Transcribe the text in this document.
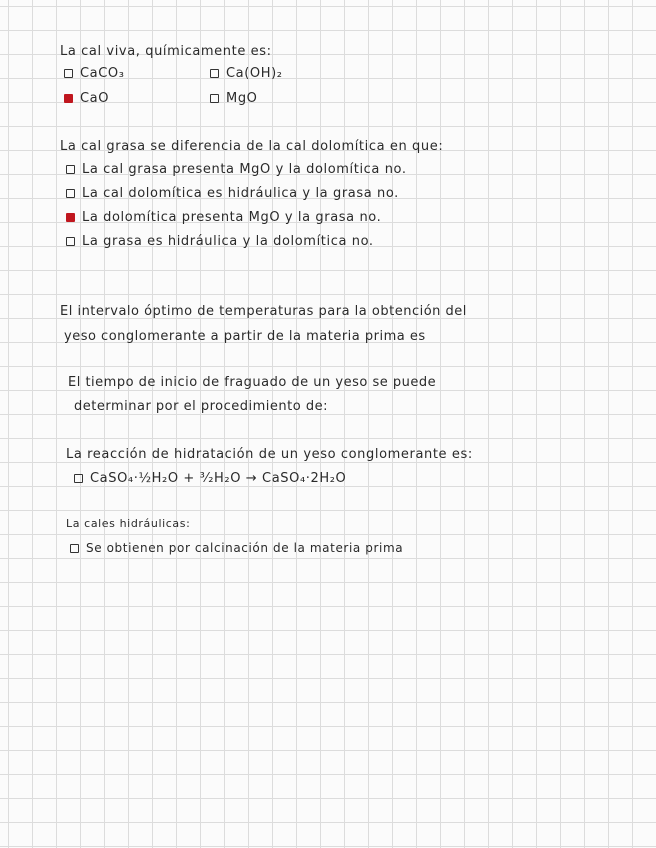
La cal viva, químicamente es:
CaCO₃	Ca(OH)₂
CaO	MgO
La cal grasa se diferencia de la cal dolomítica en que:
La cal grasa presenta MgO y la dolomítica no.
La cal dolomítica es hidráulica y la grasa no.
La dolomítica presenta MgO y la grasa no.
La grasa es hidráulica y la dolomítica no.
El intervalo óptimo de temperaturas para la obtención del
yeso conglomerante a partir de la materia prima es
El tiempo de inicio de fraguado de un yeso se puede
determinar por el procedimiento de:
La reacción de hidratación de un yeso conglomerante es:
CaSO₄·½H₂O + ³⁄₂H₂O → CaSO₄·2H₂O
La cales hidráulicas:
Se obtienen por calcinación de la materia prima
